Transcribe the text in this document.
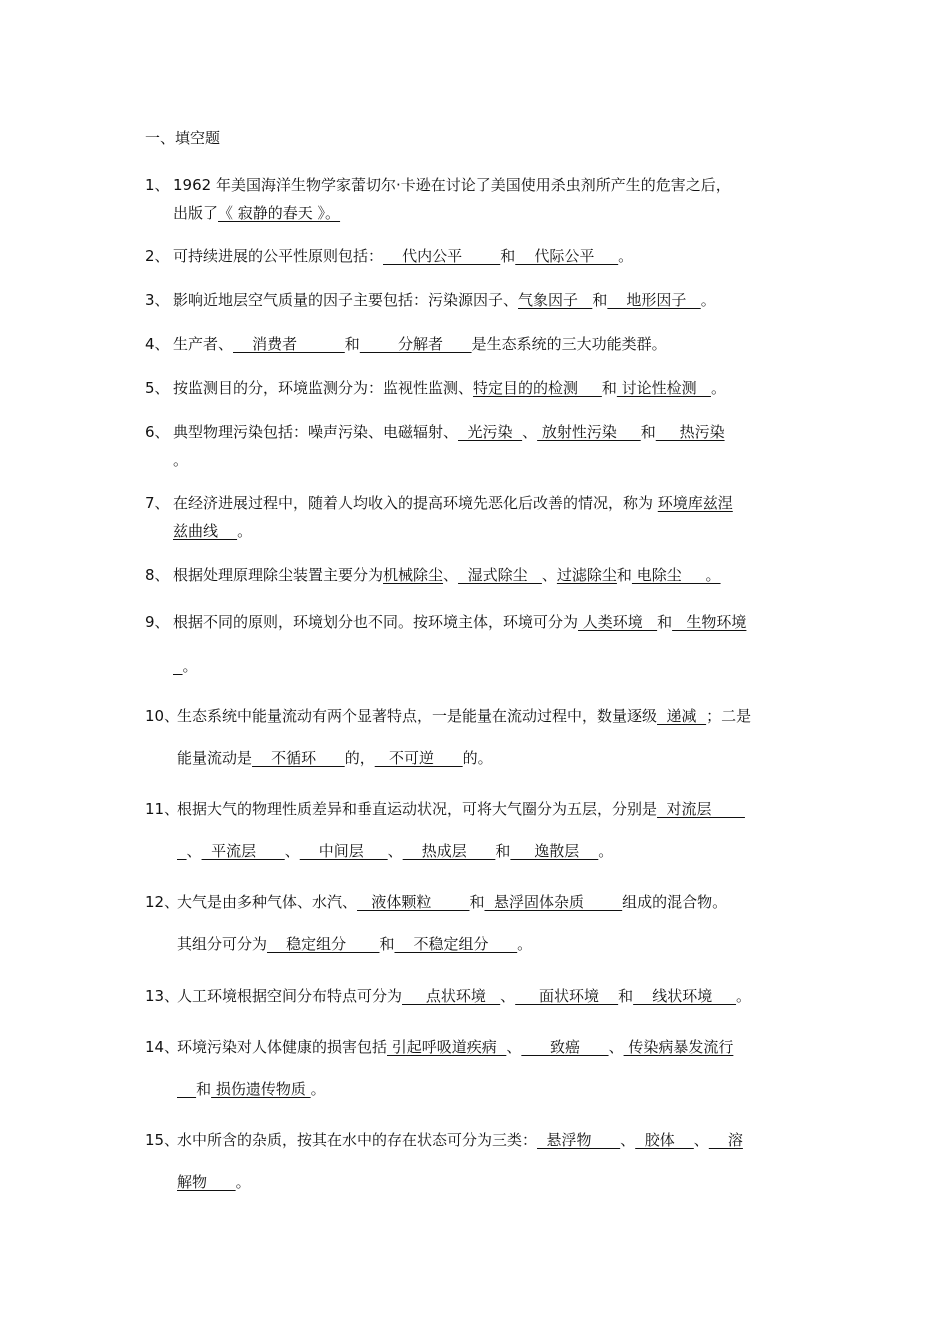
一、填空题
1、 1962 年美国海洋生物学家蕾切尔·卡逊在讨论了美国使用杀虫剂所产生的危害之后，
出版了《 寂静的春天 》。
2、 可持续进展的公平性原则包括：    代内公平        和    代际公平     。
3、 影响近地层空气质量的因子主要包括：污染源因子、气象因子   和    地形因子   。
4、 生产者、    消费者          和        分解者      是生态系统的三大功能类群。
5、 按监测目的分，环境监测分为：监视性监测、特定目的的检测     和 讨论性检测   。
6、 典型物理污染包括：噪声污染、电磁辐射、  光污染  、 放射性污染     和     热污染
。
7、 在经济进展过程中，随着人均收入的提高环境先恶化后改善的情况，称为 环境库兹涅
兹曲线    。
8、 根据处理原理除尘装置主要分为机械除尘、  湿式除尘   、过滤除尘和 电除尘     。
9、 根据不同的原则，环境划分也不同。按环境主体，环境可分为 人类环境   和   生物环境
。
10、
生态系统中能量流动有两个显著特点，一是能量在流动过程中，数量逐级  递减  ；二是
能量流动是    不循环      的，   不可逆      的。
11、
根据大气的物理性质差异和垂直运动状况，可将大气圈分为五层，分别是  对流层
、  平流层      、    中间层     、    热成层      和     逸散层    。
12、
大气是由多种气体、水汽、   液体颗粒        和  悬浮固体杂质        组成的混合物。
其组分可分为    稳定组分       和    不稳定组分      。
13、
人工环境根据空间分布特点可分为     点状环境   、     面状环境    和    线状环境     。
14、
环境污染对人体健康的损害包括 引起呼吸道疾病  、      致癌      、 传染病暴发流行
和 损伤遗传物质 。
15、
水中所含的杂质，按其在水中的存在状态可分为三类：  悬浮物      、  胶体    、    溶
解物      。
